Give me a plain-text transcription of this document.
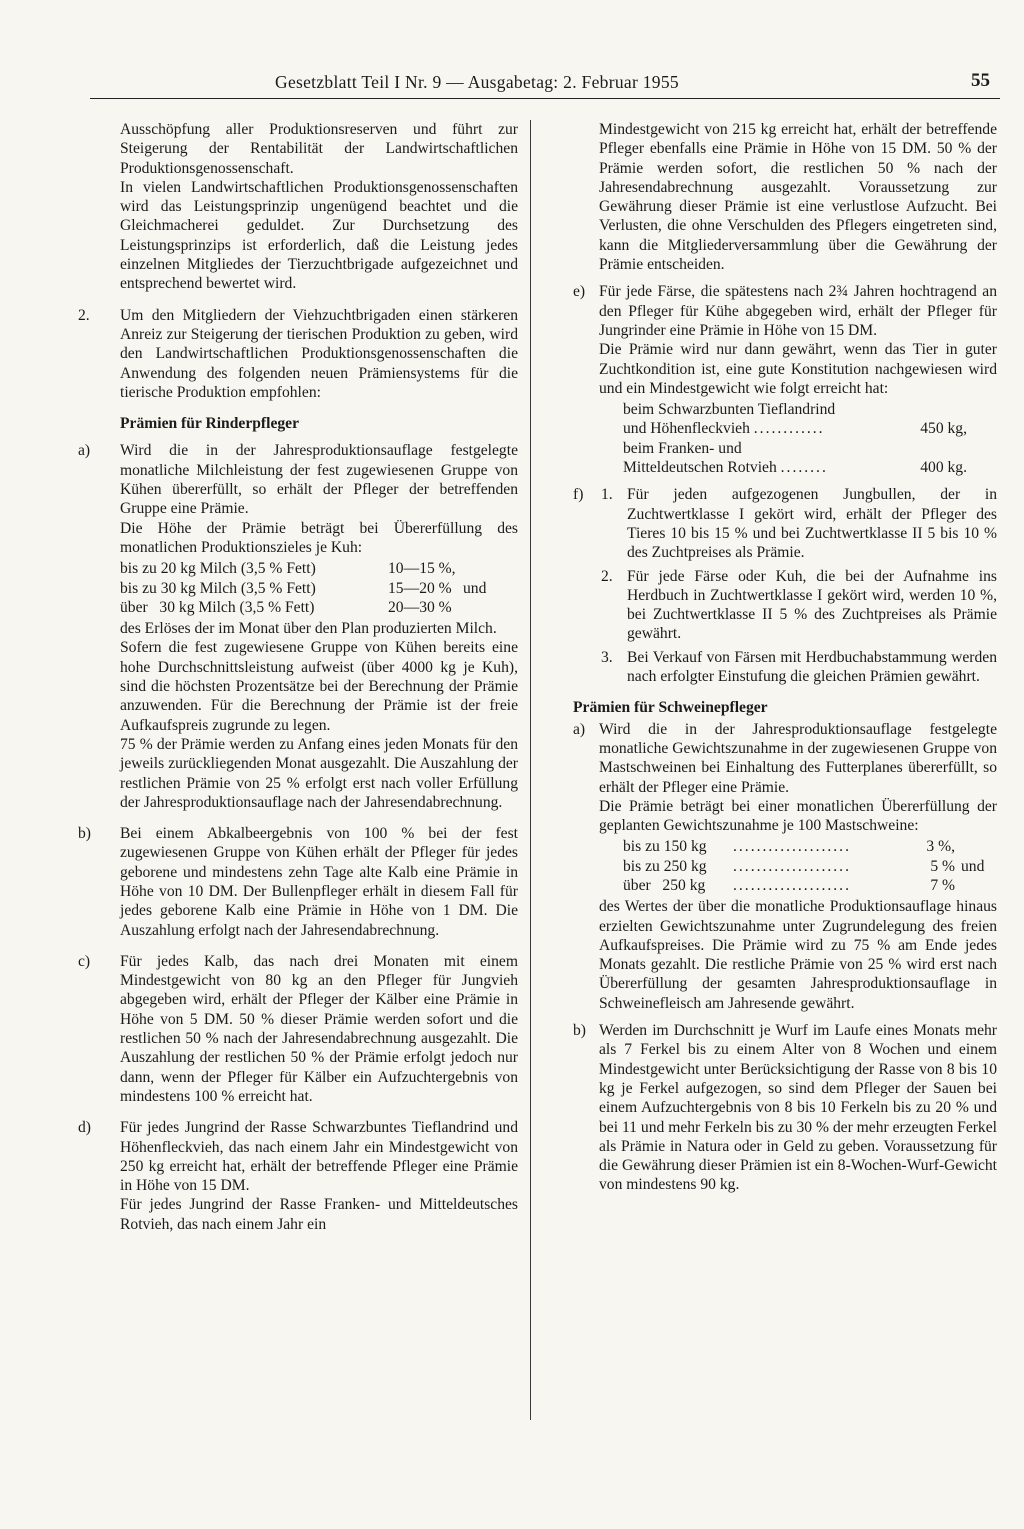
Gesetzblatt Teil I Nr. 9 — Ausgabetag: 2. Februar 1955	55

Ausschöpfung aller Produktionsreserven und führt zur Steigerung der Rentabilität der Landwirtschaftlichen Produktionsgenossenschaft.

In vielen Landwirtschaftlichen Produktionsgenossenschaften wird das Leistungsprinzip ungenügend beachtet und die Gleichmacherei geduldet. Zur Durchsetzung des Leistungsprinzips ist erforderlich, daß die Leistung jedes einzelnen Mitgliedes der Tierzuchtbrigade aufgezeichnet und entsprechend bewertet wird.

2.	Um den Mitgliedern der Viehzuchtbrigaden einen stärkeren Anreiz zur Steigerung der tierischen Produktion zu geben, wird den Landwirtschaftlichen Produktionsgenossenschaften die Anwendung des folgenden neuen Prämiensystems für die tierische Produktion empfohlen:

Prämien für Rinderpfleger

a)	Wird die in der Jahresproduktionsauflage festgelegte monatliche Milchleistung der fest zugewiesenen Gruppe von Kühen übererfüllt, so erhält der Pfleger der betreffenden Gruppe eine Prämie.

Die Höhe der Prämie beträgt bei Übererfüllung des monatlichen Produktionszieles je Kuh:

bis zu 20 kg Milch (3,5 % Fett)	10—15 %,	
bis zu 30 kg Milch (3,5 % Fett)	15—20 %	und
über   30 kg Milch (3,5 % Fett)	20—30 %	

des Erlöses der im Monat über den Plan produzierten Milch.

Sofern die fest zugewiesene Gruppe von Kühen bereits eine hohe Durchschnittsleistung aufweist (über 4000 kg je Kuh), sind die höchsten Prozentsätze bei der Berechnung der Prämie anzuwenden. Für die Berechnung der Prämie ist der freie Aufkaufspreis zugrunde zu legen.

75 % der Prämie werden zu Anfang eines jeden Monats für den jeweils zurückliegenden Monat ausgezahlt. Die Auszahlung der restlichen Prämie von 25 % erfolgt erst nach voller Erfüllung der Jahresproduktionsauflage nach der Jahresendabrechnung.

b)	Bei einem Abkalbeergebnis von 100 % bei der fest zugewiesenen Gruppe von Kühen erhält der Pfleger für jedes geborene und mindestens zehn Tage alte Kalb eine Prämie in Höhe von 10 DM. Der Bullenpfleger erhält in diesem Fall für jedes geborene Kalb eine Prämie in Höhe von 1 DM. Die Auszahlung erfolgt nach der Jahresendabrechnung.

c)	Für jedes Kalb, das nach drei Monaten mit einem Mindestgewicht von 80 kg an den Pfleger für Jungvieh abgegeben wird, erhält der Pfleger der Kälber eine Prämie in Höhe von 5 DM. 50 % dieser Prämie werden sofort und die restlichen 50 % nach der Jahresendabrechnung ausgezahlt. Die Auszahlung der restlichen 50 % der Prämie erfolgt jedoch nur dann, wenn der Pfleger für Kälber ein Aufzuchtergebnis von mindestens 100 % erreicht hat.

d)	Für jedes Jungrind der Rasse Schwarzbuntes Tieflandrind und Höhenfleckvieh, das nach einem Jahr ein Mindestgewicht von 250 kg erreicht hat, erhält der betreffende Pfleger eine Prämie in Höhe von 15 DM.

Für jedes Jungrind der Rasse Franken- und Mitteldeutsches Rotvieh, das nach einem Jahr ein

Mindestgewicht von 215 kg erreicht hat, erhält der betreffende Pfleger ebenfalls eine Prämie in Höhe von 15 DM. 50 % der Prämie werden sofort, die restlichen 50 % nach der Jahresendabrechnung ausgezahlt. Voraussetzung zur Gewährung dieser Prämie ist eine verlustlose Aufzucht. Bei Verlusten, die ohne Verschulden des Pflegers eingetreten sind, kann die Mitgliederversammlung über die Gewährung der Prämie entscheiden.

e) Für jede Färse, die spätestens nach 2¾ Jahren hochtragend an den Pfleger für Kühe abgegeben wird, erhält der Pfleger für Jungrinder eine Prämie in Höhe von 15 DM.

Die Prämie wird nur dann gewährt, wenn das Tier in guter Zuchtkondition ist, eine gute Konstitution nachgewiesen wird und ein Mindestgewicht wie folgt erreicht hat:

beim Schwarzbunten Tieflandrind	
und Höhenfleckvieh ............	450 kg,
beim Franken- und	
Mitteldeutschen Rotvieh ........	400 kg.
f)	1. Für jeden aufgezogenen Jungbullen, der in Zuchtwertklasse I gekört wird, erhält der Pfleger des Tieres 10 bis 15 % und bei Zuchtwertklasse II 5 bis 10 % des Zuchtpreises als Prämie.

2. Für jede Färse oder Kuh, die bei der Aufnahme ins Herdbuch in Zuchtwertklasse I gekört wird, werden 10 %, bei Zuchtwertklasse II 5 % des Zuchtpreises als Prämie gewährt.

3. Bei Verkauf von Färsen mit Herdbuchabstammung werden nach erfolgter Einstufung die gleichen Prämien gewährt.

Prämien für Schweinepfleger

a) Wird die in der Jahresproduktionsauflage festgelegte monatliche Gewichtszunahme in der zugewiesenen Gruppe von Mastschweinen bei Einhaltung des Futterplanes übererfüllt, so erhält der Pfleger eine Prämie.

Die Prämie beträgt bei einer monatlichen Übererfüllung der geplanten Gewichtszunahme je 100 Mastschweine:

bis zu 150 kg	....................	3 %,	
bis zu 250 kg	....................	5 %	und
über   250 kg	....................	7 %	

des Wertes der über die monatliche Produktionsauflage hinaus erzielten Gewichtszunahme unter Zugrundelegung des freien Aufkaufspreises. Die Prämie wird zu 75 % am Ende jedes Monats gezahlt. Die restliche Prämie von 25 % wird erst nach Übererfüllung der gesamten Jahresproduktionsauflage in Schweinefleisch am Jahresende gewährt.

b) Werden im Durchschnitt je Wurf im Laufe eines Monats mehr als 7 Ferkel bis zu einem Alter von 8 Wochen und einem Mindestgewicht unter Berücksichtigung der Rasse von 8 bis 10 kg je Ferkel aufgezogen, so sind dem Pfleger der Sauen bei einem Aufzuchtergebnis von 8 bis 10 Ferkeln bis zu 20 % und bei 11 und mehr Ferkeln bis zu 30 % der mehr erzeugten Ferkel als Prämie in Natura oder in Geld zu geben. Voraussetzung für die Gewährung dieser Prämien ist ein 8-Wochen-Wurf-Gewicht von mindestens 90 kg.
